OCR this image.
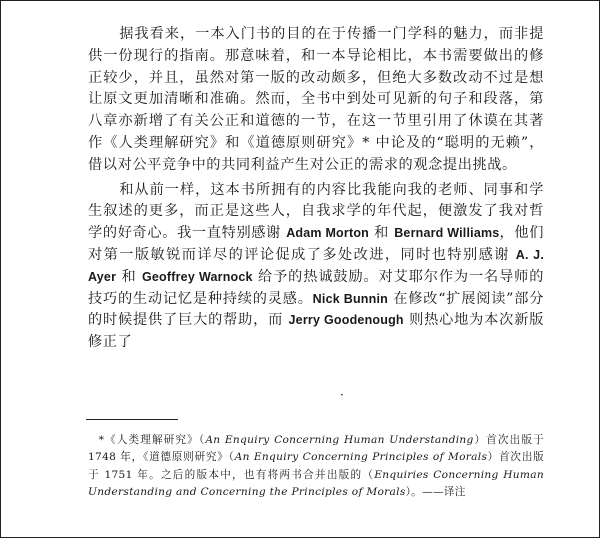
据我看来，一本入门书的目的在于传播一门学科的魅力，而非提供一份现行的指南。那意味着，和一本导论相比，本书需要做出的修正较少，并且，虽然对第一版的改动颇多，但绝大多数改动不过是想让原文更加清晰和准确。然而，全书中到处可见新的句子和段落，第八章亦新增了有关公正和道德的一节，在这一节里引用了休谟在其著作《人类理解研究》和《道德原则研究》* 中论及的“聪明的无赖”，借以对公平竞争中的共同利益产生对公正的需求的观念提出挑战。

和从前一样，这本书所拥有的内容比我能向我的老师、同事和学生叙述的更多，而正是这些人，自我求学的年代起，便激发了我对哲学的好奇心。我一直特别感谢 Adam Morton 和 Bernard Williams，他们对第一版敏锐而详尽的评论促成了多处改进，同时也特别感谢 A. J. Ayer 和 Geoffrey Warnock 给予的热诚鼓励。对艾耶尔作为一名导师的技巧的生动记忆是种持续的灵感。Nick Bunnin 在修改“扩展阅读”部分的时候提供了巨大的帮助，而 Jerry Goodenough 则热心地为本次新版修正了

·

*《人类理解研究》（An Enquiry Concerning Human Understanding）首次出版于 1748 年，《道德原则研究》（An Enquiry Concerning Principles of Morals）首次出版于 1751 年。之后的版本中，也有将两书合并出版的（Enquiries Concerning Human Understanding and Concerning the Principles of Morals）。——译注
